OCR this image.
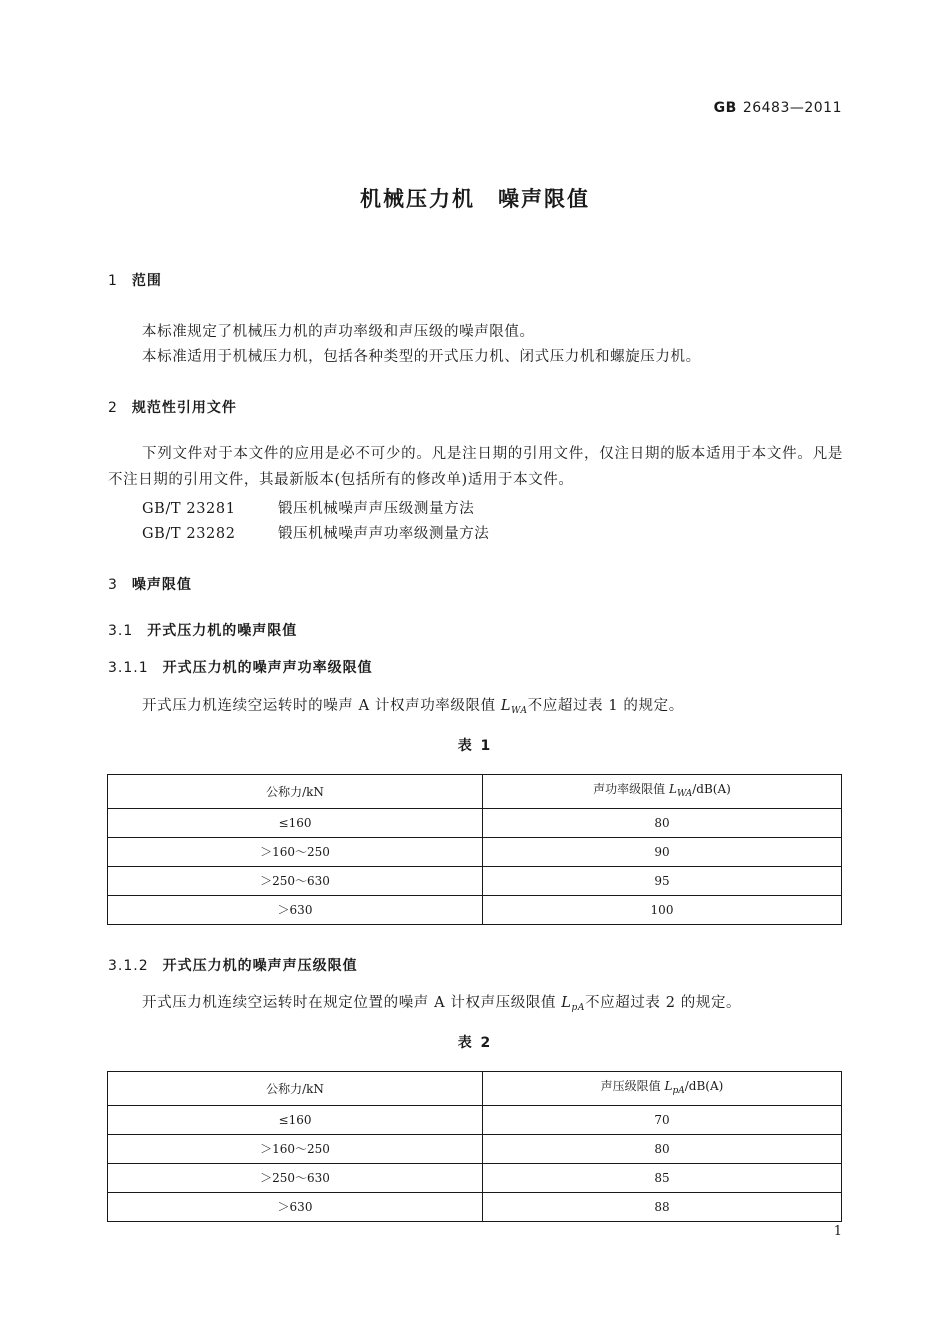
GB 26483—2011
机械压力机　噪声限值
1 范围

本标准规定了机械压力机的声功率级和声压级的噪声限值。

本标准适用于机械压力机，包括各种类型的开式压力机、闭式压力机和螺旋压力机。

2 规范性引用文件

下列文件对于本文件的应用是必不可少的。凡是注日期的引用文件，仅注日期的版本适用于本文件。凡是不注日期的引用文件，其最新版本(包括所有的修改单)适用于本文件。

GB/T 23281	锻压机械噪声声压级测量方法

GB/T 23282	锻压机械噪声声功率级测量方法

3 噪声限值
3.1 开式压力机的噪声限值
3.1.1 开式压力机的噪声声功率级限值

开式压力机连续空运转时的噪声 A 计权声功率级限值 $L_{WA}$不应超过表 1 的规定。

表 1
公称力/kN	声功率级限值 $L_{WA}/dB(A)$
≤160	80
＞160～250	90
＞250～630	95
＞630	100
3.1.2 开式压力机的噪声声压级限值

开式压力机连续空运转时在规定位置的噪声 A 计权声压级限值 $L_{pA}$不应超过表 2 的规定。

表 2
公称力/kN	声压级限值 $L_{pA}/dB(A)$
≤160	70
＞160～250	80
＞250～630	85
＞630	88
1
